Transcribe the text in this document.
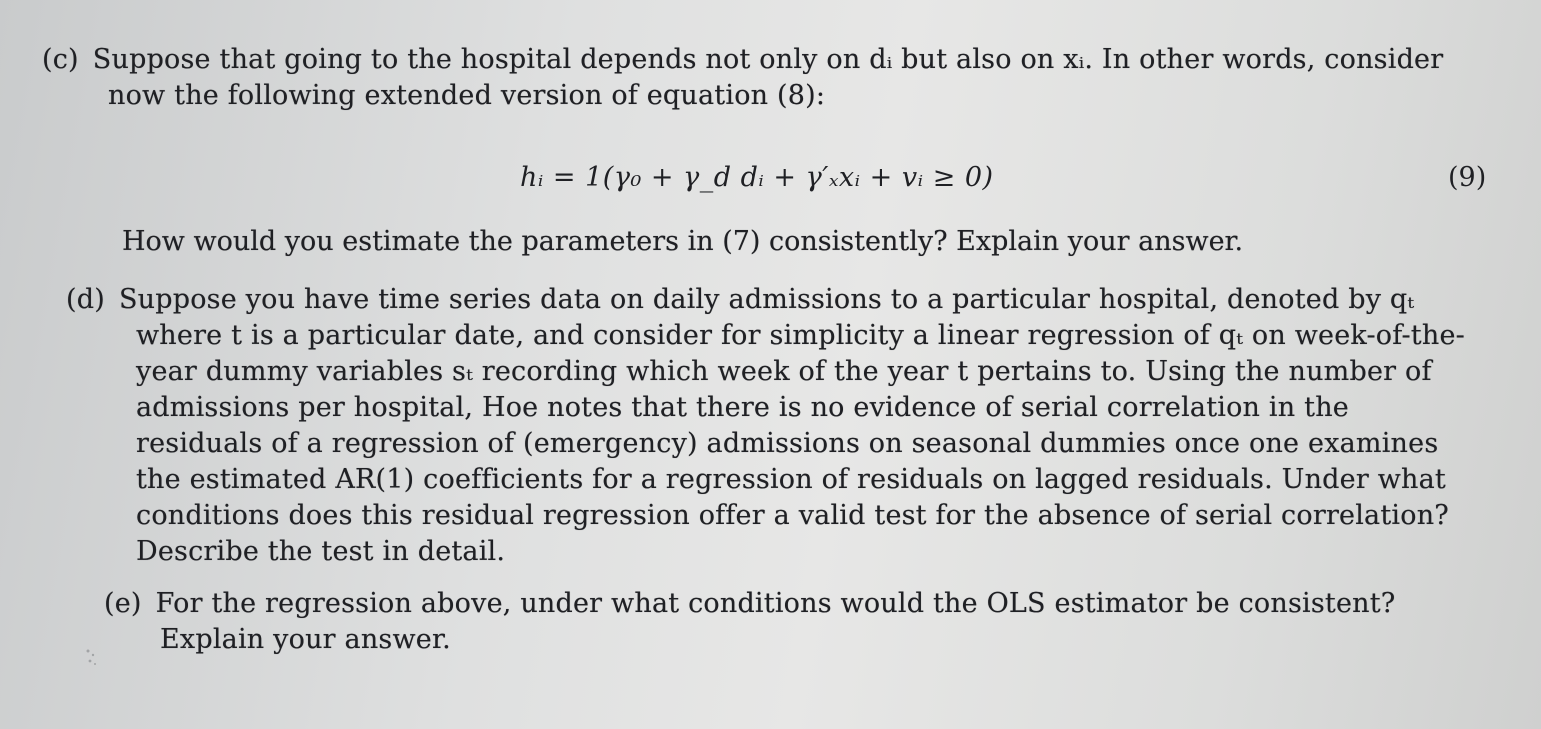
(c) Suppose that going to the hospital depends not only on dᵢ but also on xᵢ. In other words, consider now the following extended version of equation (8):
hᵢ = 1(γ₀ + γ_d dᵢ + γ′ₓxᵢ + vᵢ ≥ 0)	(9)
How would you estimate the parameters in (7) consistently? Explain your answer.
(d) Suppose you have time series data on daily admissions to a particular hospital, denoted by qₜ where t is a particular date, and consider for simplicity a linear regression of qₜ on week-of-the-year dummy variables sₜ recording which week of the year t pertains to. Using the number of admissions per hospital, Hoe notes that there is no evidence of serial correlation in the residuals of a regression of (emergency) admissions on seasonal dummies once one examines the estimated AR(1) coefficients for a regression of residuals on lagged residuals. Under what conditions does this residual regression offer a valid test for the absence of serial correlation? Describe the test in detail.
(e) For the regression above, under what conditions would the OLS estimator be consistent? Explain your answer.
